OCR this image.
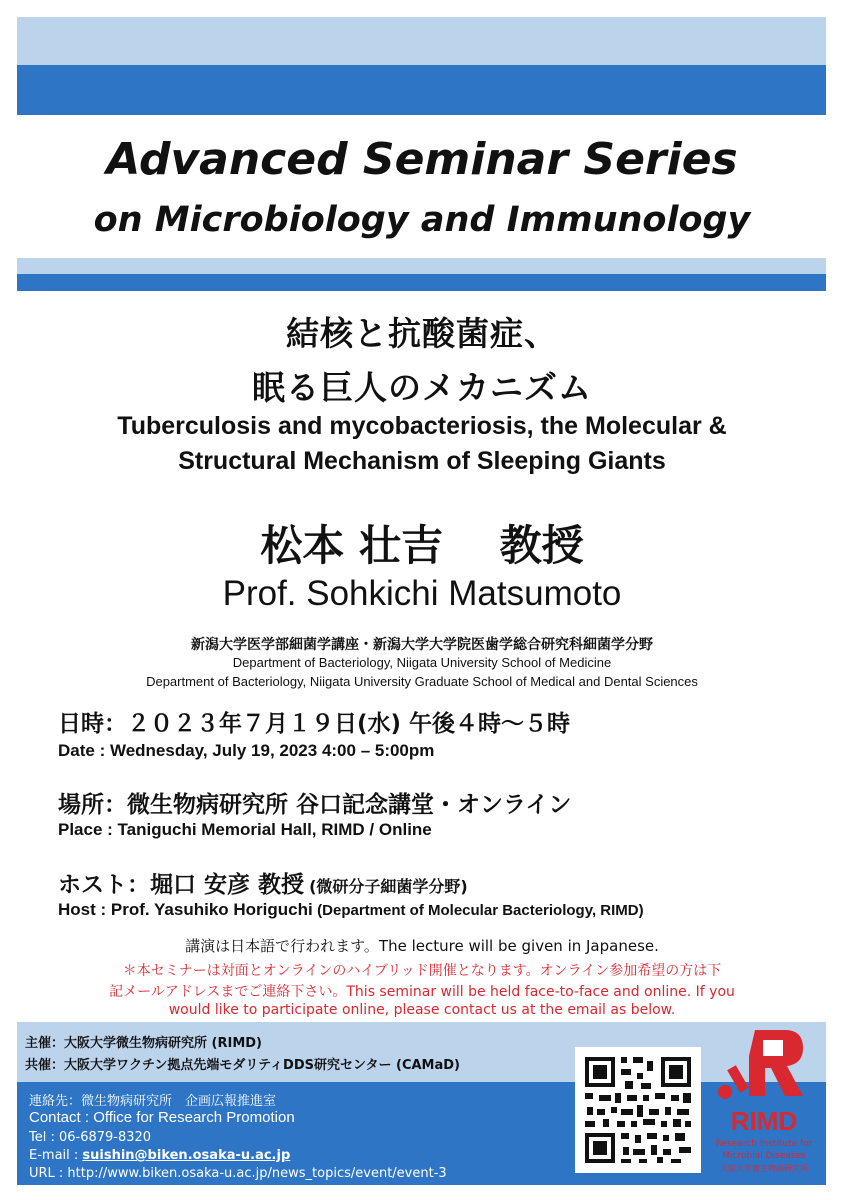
Advanced Seminar Series
on Microbiology and Immunology
結核と抗酸菌症、
眠る巨人のメカニズム
Tuberculosis and mycobacteriosis, the Molecular &
Structural Mechanism of Sleeping Giants
松本 壮吉　 教授
Prof. Sohkichi Matsumoto
新潟大学医学部細菌学講座・新潟大学大学院医歯学総合研究科細菌学分野
Department of Bacteriology, Niigata University School of Medicine
Department of Bacteriology, Niigata University Graduate School of Medical and Dental Sciences
日時：２０２３年７月１９日(水) 午後４時～５時
Date : Wednesday, July 19, 2023 4:00 – 5:00pm
場所：微生物病研究所 谷口記念講堂・オンライン
Place : Taniguchi Memorial Hall, RIMD / Online
ホスト：堀口 安彦 教授 (微研分子細菌学分野)
Host : Prof. Yasuhiko Horiguchi (Department of Molecular Bacteriology, RIMD)
講演は日本語で行われます。The lecture will be given in Japanese.
＊本セミナーは対面とオンラインのハイブリッド開催となります。オンライン参加希望の方は下
記メールアドレスまでご連絡下さい。This seminar will be held face-to-face and online. If you
would like to participate online, please contact us at the email as below.
主催：大阪大学微生物病研究所 (RIMD)
共催：大阪大学ワクチン拠点先端モダリティDDS研究センター (CAMaD)
連絡先：微生物病研究所　企画広報推進室
Contact : Office for Research Promotion
Tel : 06-6879-8320
E-mail : suishin@biken.osaka-u.ac.jp
URL : http://www.biken.osaka-u.ac.jp/news_topics/event/event-3
RIMD
Research Institute for
Microbial Diseases
大阪大学微生物病研究所
